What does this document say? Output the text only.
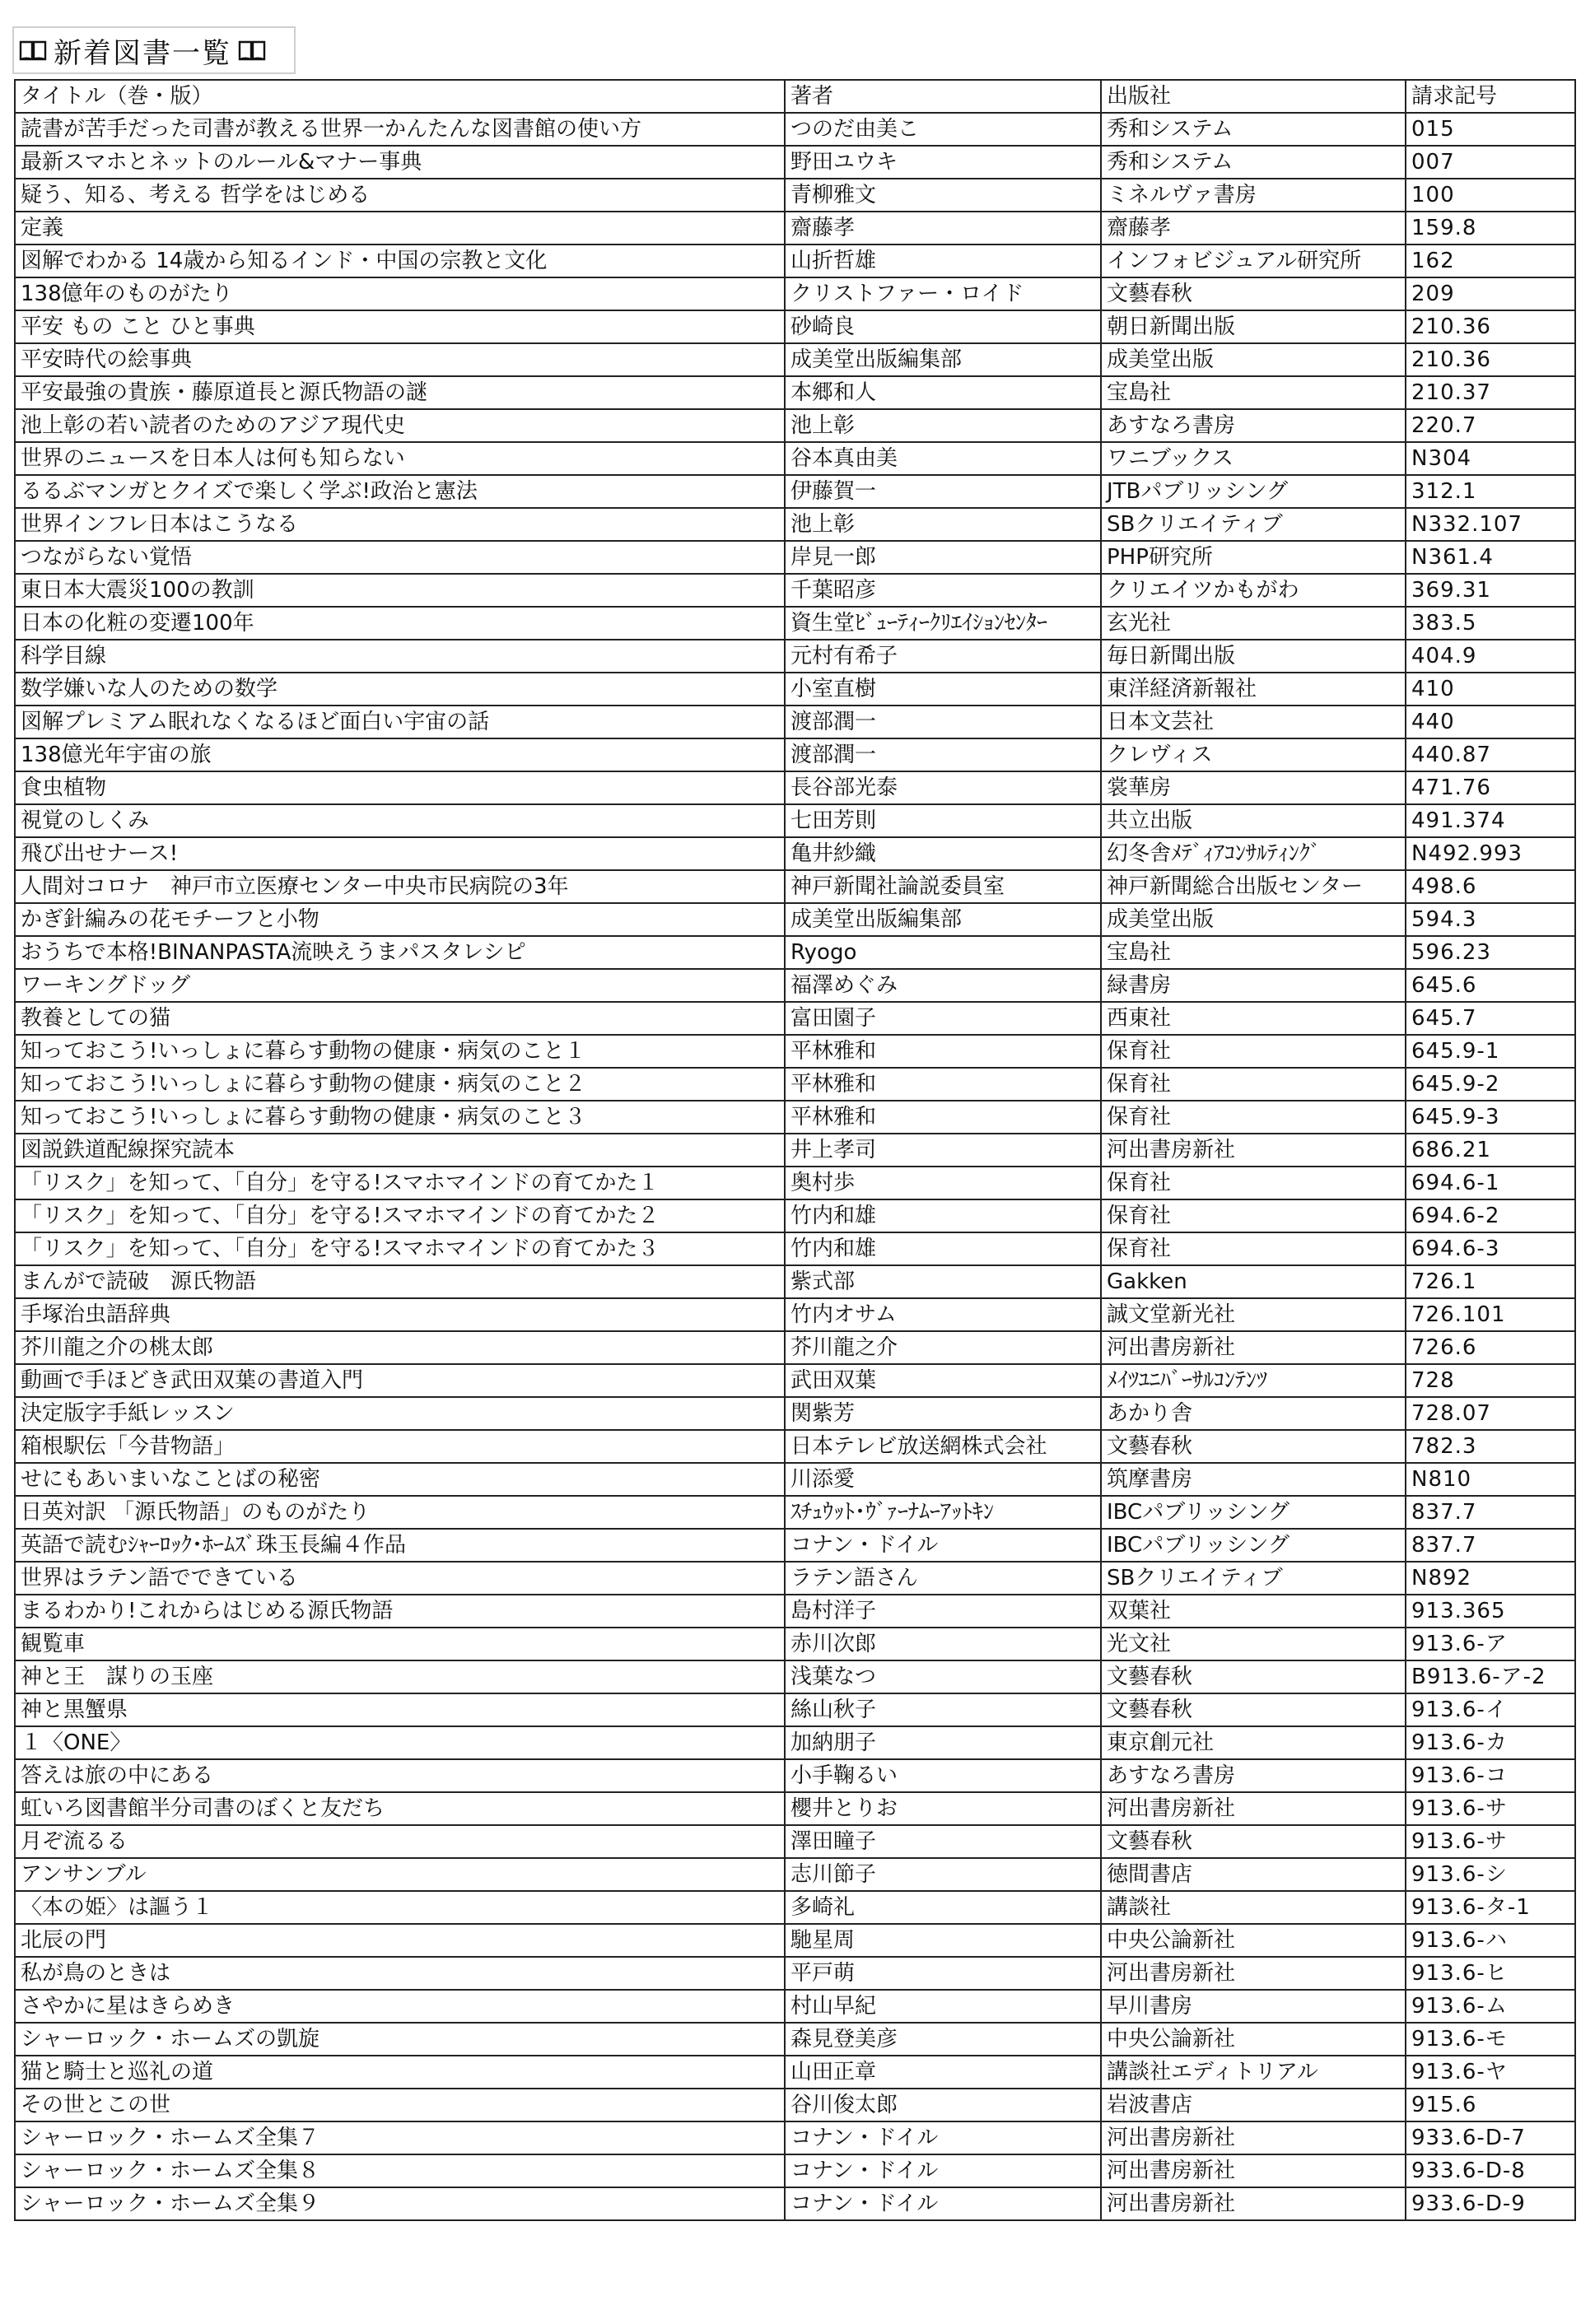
新着図書一覧
タイトル（巻・版）	著者	出版社	請求記号
読書が苦手だった司書が教える世界一かんたんな図書館の使い方	つのだ由美こ	秀和システム	015
最新スマホとネットのルール&マナー事典	野田ユウキ	秀和システム	007
疑う、知る、考える 哲学をはじめる	青柳雅文	ミネルヴァ書房	100
定義	齋藤孝	齋藤孝	159.8
図解でわかる 14歳から知るインド・中国の宗教と文化	山折哲雄	インフォビジュアル研究所	162
138億年のものがたり	クリストファー・ロイド	文藝春秋	209
平安 もの こと ひと事典	砂崎良	朝日新聞出版	210.36
平安時代の絵事典	成美堂出版編集部	成美堂出版	210.36
平安最強の貴族・藤原道長と源氏物語の謎	本郷和人	宝島社	210.37
池上彰の若い読者のためのアジア現代史	池上彰	あすなろ書房	220.7
世界のニュースを日本人は何も知らない	谷本真由美	ワニブックス	N304
るるぶマンガとクイズで楽しく学ぶ!政治と憲法	伊藤賀一	JTBパブリッシング	312.1
世界インフレ日本はこうなる	池上彰	SBクリエイティブ	N332.107
つながらない覚悟	岸見一郎	PHP研究所	N361.4
東日本大震災100の教訓	千葉昭彦	クリエイツかもがわ	369.31
日本の化粧の変遷100年	資生堂ﾋﾞｭｰﾃｨｰｸﾘｴｲｼｮﾝｾﾝﾀｰ	玄光社	383.5
科学目線	元村有希子	毎日新聞出版	404.9
数学嫌いな人のための数学	小室直樹	東洋経済新報社	410
図解プレミアム眠れなくなるほど面白い宇宙の話	渡部潤一	日本文芸社	440
138億光年宇宙の旅	渡部潤一	クレヴィス	440.87
食虫植物	長谷部光泰	裳華房	471.76
視覚のしくみ	七田芳則	共立出版	491.374
飛び出せナース!	亀井紗織	幻冬舎ﾒﾃﾞｨｱｺﾝｻﾙﾃｨﾝｸﾞ	N492.993
人間対コロナ　神戸市立医療センター中央市民病院の3年	神戸新聞社論説委員室	神戸新聞総合出版センター	498.6
かぎ針編みの花モチーフと小物	成美堂出版編集部	成美堂出版	594.3
おうちで本格!BINANPASTA流映えうまパスタレシピ	Ryogo	宝島社	596.23
ワーキングドッグ	福澤めぐみ	緑書房	645.6
教養としての猫	富田園子	西東社	645.7
知っておこう!いっしょに暮らす動物の健康・病気のこと１	平林雅和	保育社	645.9-1
知っておこう!いっしょに暮らす動物の健康・病気のこと２	平林雅和	保育社	645.9-2
知っておこう!いっしょに暮らす動物の健康・病気のこと３	平林雅和	保育社	645.9-3
図説鉄道配線探究読本	井上孝司	河出書房新社	686.21
「リスク」を知って、「自分」を守る!スマホマインドの育てかた１	奥村歩	保育社	694.6-1
「リスク」を知って、「自分」を守る!スマホマインドの育てかた２	竹内和雄	保育社	694.6-2
「リスク」を知って、「自分」を守る!スマホマインドの育てかた３	竹内和雄	保育社	694.6-3
まんがで読破　源氏物語	紫式部	Gakken	726.1
手塚治虫語辞典	竹内オサム	誠文堂新光社	726.101
芥川龍之介の桃太郎	芥川龍之介	河出書房新社	726.6
動画で手ほどき武田双葉の書道入門	武田双葉	ﾒｲﾂﾕﾆﾊﾞｰｻﾙｺﾝﾃﾝﾂ	728
決定版字手紙レッスン	関紫芳	あかり舎	728.07
箱根駅伝「今昔物語」	日本テレビ放送網株式会社	文藝春秋	782.3
せにもあいまいなことばの秘密	川添愛	筑摩書房	N810
日英対訳 「源氏物語」のものがたり	ｽﾁｭｳｯﾄ･ｳﾞｧｰﾅﾑｰｱｯﾄｷﾝ	IBCパブリッシング	837.7
英語で読むｼｬｰﾛｯｸ･ﾎｰﾑｽﾞ珠玉長編４作品	コナン・ドイル	IBCパブリッシング	837.7
世界はラテン語でできている	ラテン語さん	SBクリエイティブ	N892
まるわかり!これからはじめる源氏物語	島村洋子	双葉社	913.365
観覧車	赤川次郎	光文社	913.6-ア
神と王　謀りの玉座	浅葉なつ	文藝春秋	B913.6-ア-2
神と黒蟹県	絲山秋子	文藝春秋	913.6-イ
１〈ONE〉	加納朋子	東京創元社	913.6-カ
答えは旅の中にある	小手鞠るい	あすなろ書房	913.6-コ
虹いろ図書館半分司書のぼくと友だち	櫻井とりお	河出書房新社	913.6-サ
月ぞ流るる	澤田瞳子	文藝春秋	913.6-サ
アンサンブル	志川節子	徳間書店	913.6-シ
〈本の姫〉は謳う１	多崎礼	講談社	913.6-タ-1
北辰の門	馳星周	中央公論新社	913.6-ハ
私が鳥のときは	平戸萌	河出書房新社	913.6-ヒ
さやかに星はきらめき	村山早紀	早川書房	913.6-ム
シャーロック・ホームズの凱旋	森見登美彦	中央公論新社	913.6-モ
猫と騎士と巡礼の道	山田正章	講談社エディトリアル	913.6-ヤ
その世とこの世	谷川俊太郎	岩波書店	915.6
シャーロック・ホームズ全集７	コナン・ドイル	河出書房新社	933.6-D-7
シャーロック・ホームズ全集８	コナン・ドイル	河出書房新社	933.6-D-8
シャーロック・ホームズ全集９	コナン・ドイル	河出書房新社	933.6-D-9
